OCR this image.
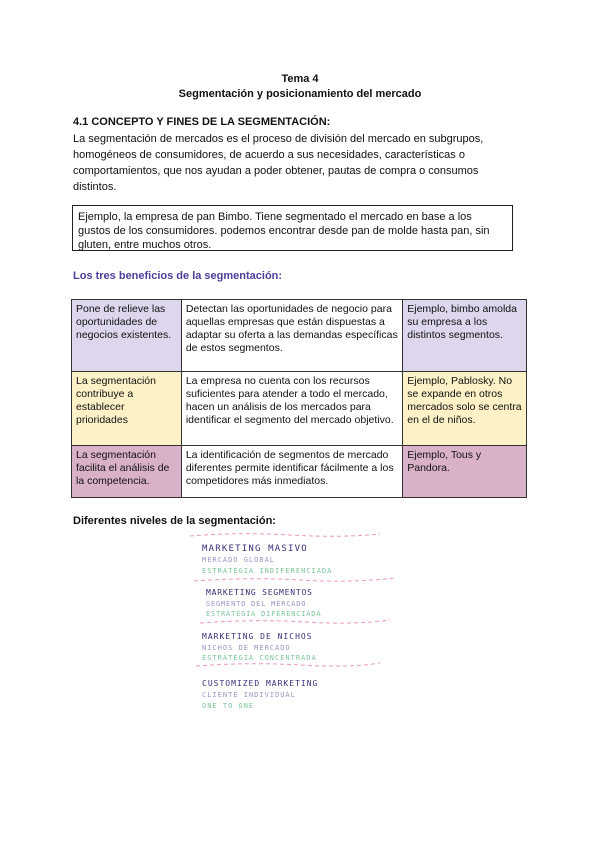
Tema 4
Segmentación y posicionamiento del mercado
4.1 CONCEPTO Y FINES DE LA SEGMENTACIÓN:
La segmentación de mercados es el proceso de división del mercado en subgrupos, homogéneos de consumidores, de acuerdo a sus necesidades, características o comportamientos, que nos ayudan a poder obtener, pautas de compra o consumos distintos.
Ejemplo, la empresa de pan Bimbo. Tiene segmentado el mercado en base a los gustos de los consumidores. podemos encontrar desde pan de molde hasta pan, sin gluten, entre muchos otros.
Los tres beneficios de la segmentación:
Pone de relieve las oportunidades de negocios existentes.	Detectan las oportunidades de negocio para aquellas empresas que están dispuestas a adaptar su oferta a las demandas específicas de estos segmentos.	Ejemplo, bimbo amolda su empresa a los distintos segmentos.
La segmentación contribuye a establecer prioridades	La empresa no cuenta con los recursos suficientes para atender a todo el mercado, hacen un análisis de los mercados para identificar el segmento del mercado objetivo.	Ejemplo, Pablosky. No se expande en otros mercados solo se centra en el de niños.
La segmentación facilita el análisis de la competencia.	La identificación de segmentos de mercado diferentes permite identificar fácilmente a los competidores más inmediatos.	Ejemplo, Tous y Pandora.
Diferentes niveles de la segmentación:
MARKETING MASIVO
MERCADO GLOBAL
ESTRATEGIA INDIFERENCIADA
MARKETING SEGMENTOS
SEGMENTO DEL MERCADO
ESTRATEGIA DIFERENCIADA
MARKETING DE NICHOS
NICHOS DE MERCADO
ESTRATEGIA CONCENTRADA
CUSTOMIZED MARKETING
CLIENTE INDIVIDUAL
ONE TO ONE
